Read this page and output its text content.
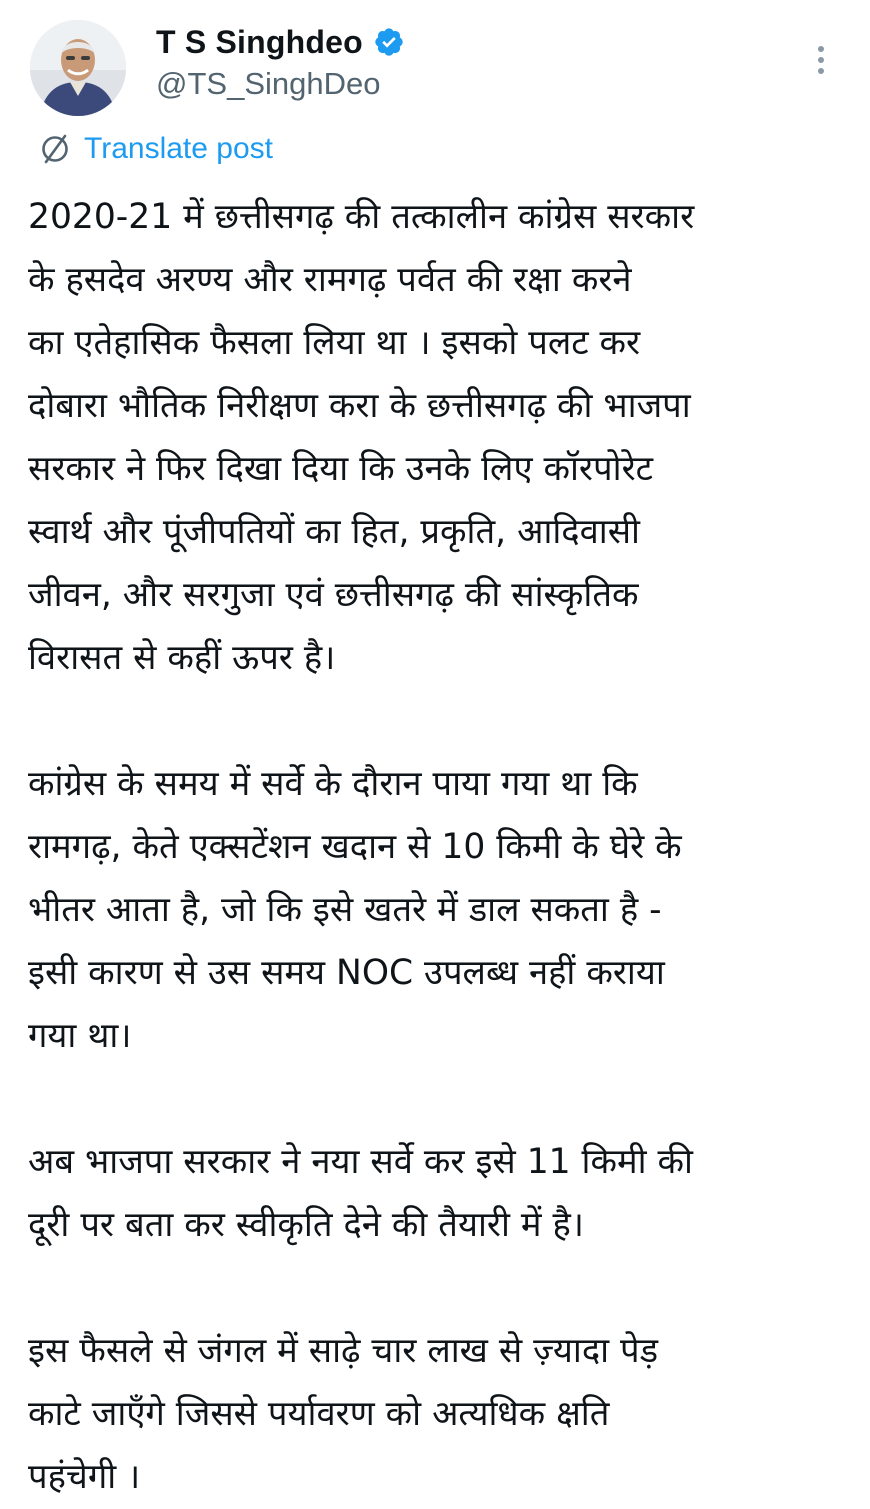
T S Singhdeo
@TS_SinghDeo
Translate post

2020-21 में छत्तीसगढ़ की तत्कालीन कांग्रेस सरकार
के हसदेव अरण्य और रामगढ़ पर्वत की रक्षा करने
का एतेहासिक फैसला लिया था । इसको पलट कर
दोबारा भौतिक निरीक्षण करा के छत्तीसगढ़ की भाजपा
सरकार ने फिर दिखा दिया कि उनके लिए कॉरपोरेट
स्वार्थ और पूंजीपतियों का हित, प्रकृति, आदिवासी
जीवन, और सरगुजा एवं छत्तीसगढ़ की सांस्कृतिक
विरासत से कहीं ऊपर है।

कांग्रेस के समय में सर्वे के दौरान पाया गया था कि
रामगढ़, केते एक्सटेंशन खदान से 10 किमी के घेरे के
भीतर आता है, जो कि इसे खतरे में डाल सकता है -
इसी कारण से उस समय NOC उपलब्ध नहीं कराया
गया था।

अब भाजपा सरकार ने नया सर्वे कर इसे 11 किमी की
दूरी पर बता कर स्वीकृति देने की तैयारी में है।

इस फैसले से जंगल में साढ़े चार लाख से ज़्यादा पेड़
काटे जाएँगे जिससे पर्यावरण को अत्यधिक क्षति
पहंचेगी ।
